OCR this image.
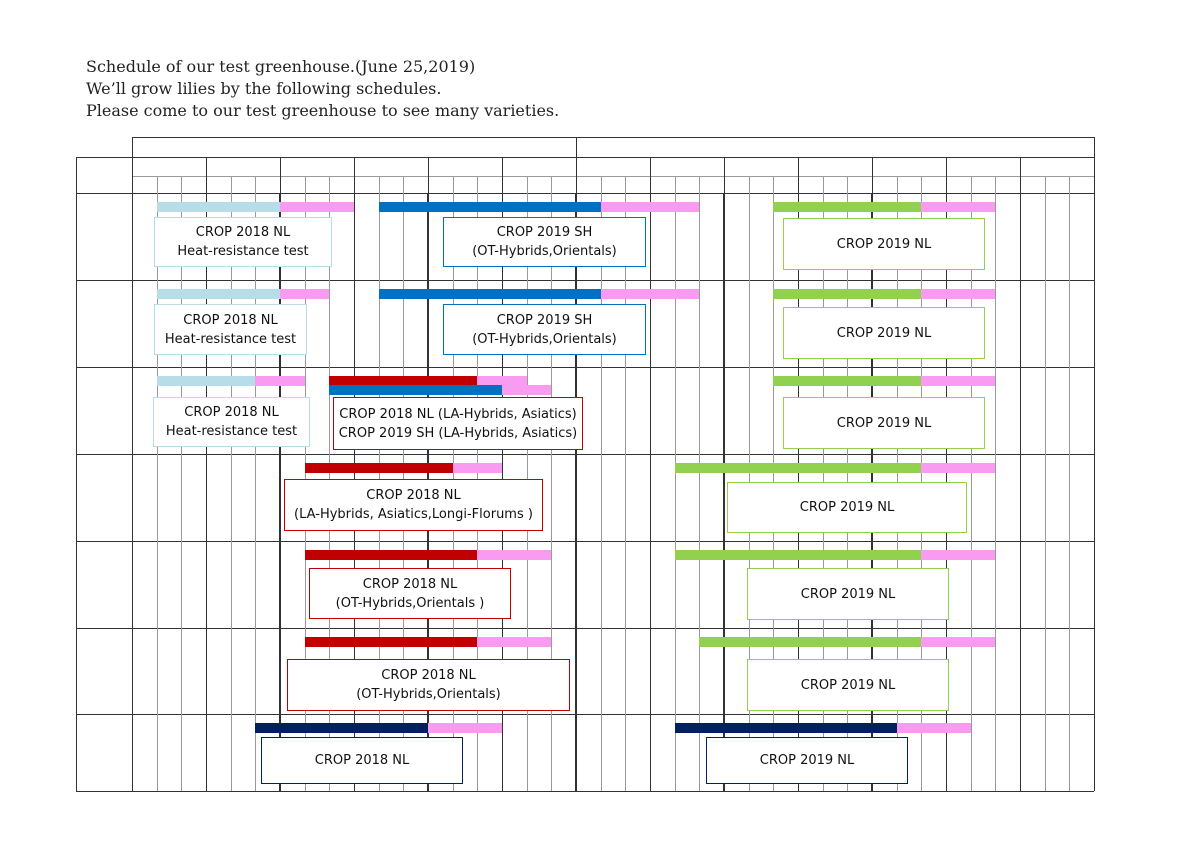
Schedule of our test greenhouse.(June 25,2019)
We’ll grow lilies by the following schedules.
Please come to our test greenhouse to see many varieties.
CROP 2018 NL
Heat-resistance test
CROP 2019 SH
(OT-Hybrids,Orientals)	CROP 2019 NL
CROP 2018 NL
Heat-resistance test
CROP 2019 SH
(OT-Hybrids,Orientals)	CROP 2019 NL
CROP 2018 NL
Heat-resistance test
CROP 2018 NL (LA-Hybrids, Asiatics)
CROP 2019 SH (LA-Hybrids, Asiatics)
CROP 2019 NL
CROP 2018 NL
(LA-Hybrids, Asiatics,Longi-Florums )	CROP 2019 NL
CROP 2018 NL
(OT-Hybrids,Orientals )
CROP 2019 NL
CROP 2018 NL
(OT-Hybrids,Orientals)
CROP 2019 NL
CROP 2018 NL	CROP 2019 NL
